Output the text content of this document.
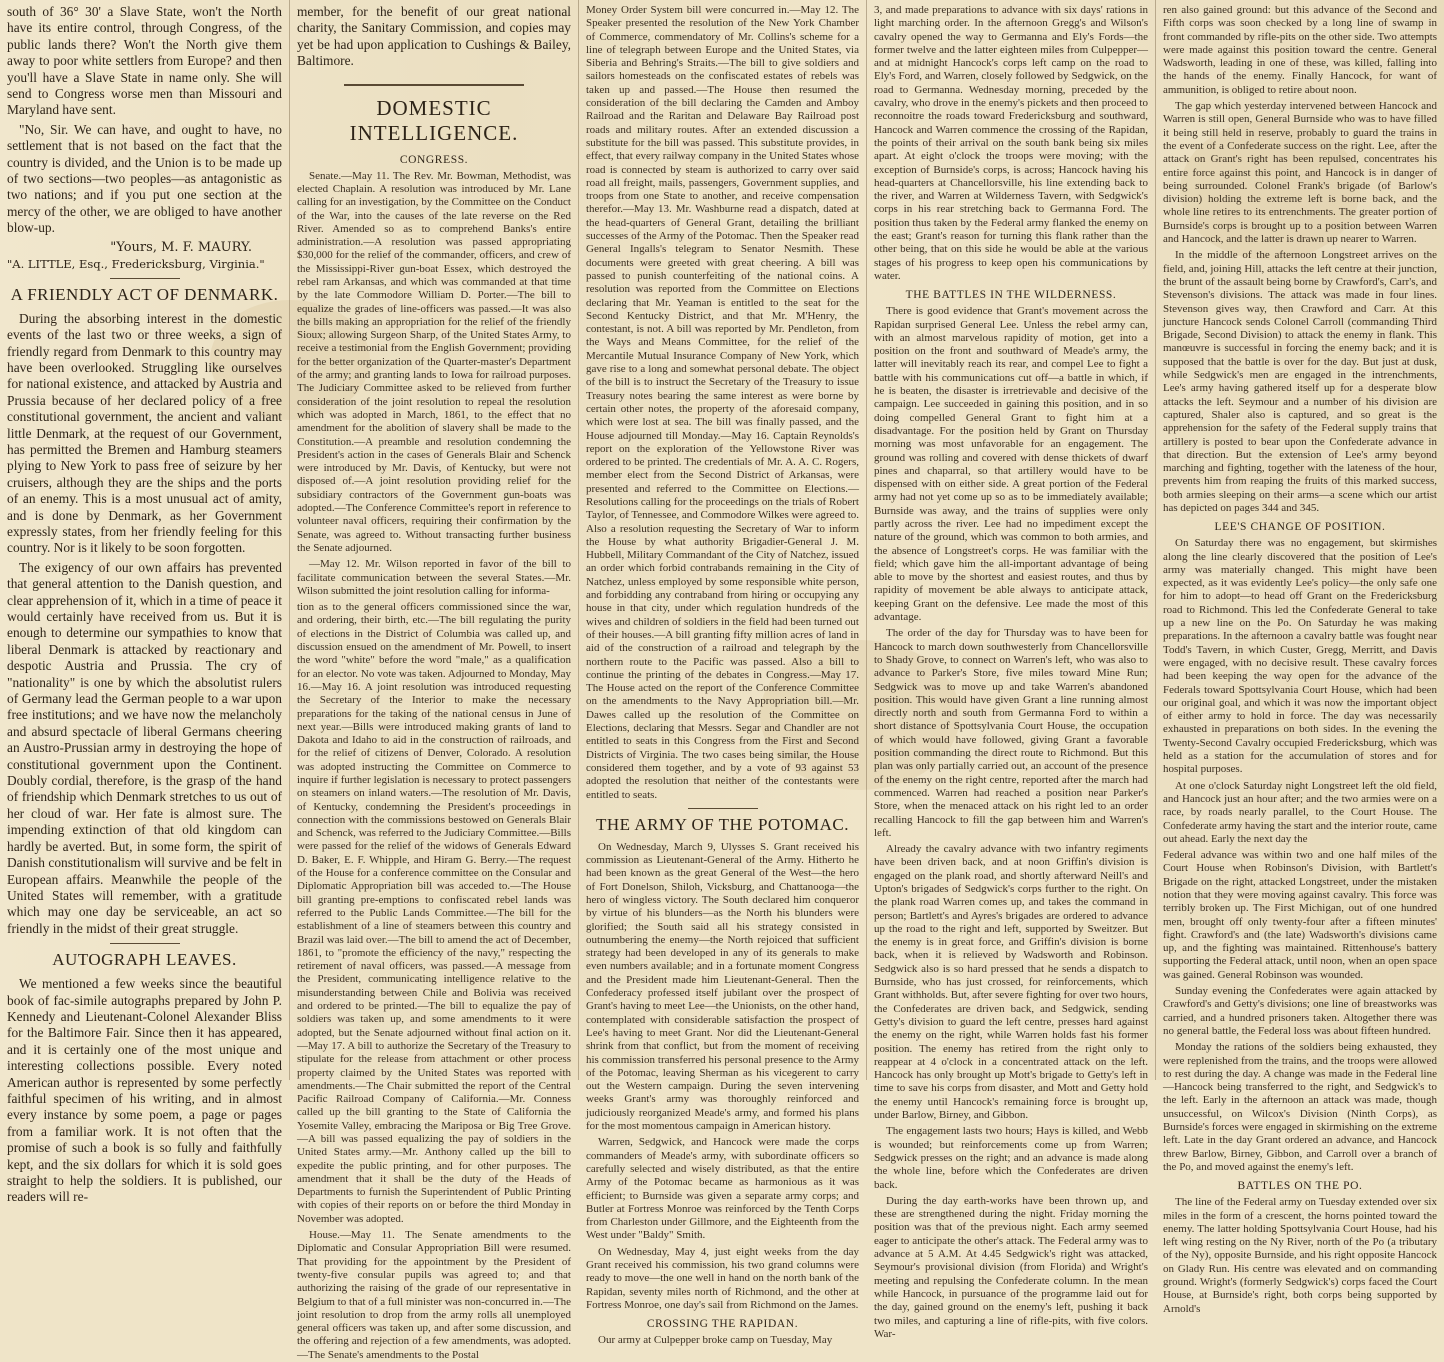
south of 36° 30' a Slave State, won't the North have its entire control, through Congress, of the public lands there? Won't the North give them away to poor white settlers from Europe? and then you'll have a Slave State in name only. She will send to Congress worse men than Missouri and Maryland have sent.

"No, Sir. We can have, and ought to have, no settlement that is not based on the fact that the country is divided, and the Union is to be made up of two sections—two peoples—as antagonistic as two nations; and if you put one section at the mercy of the other, we are obliged to have another blow-up.

"Yours, M. F. MAURY.
"A. LITTLE, Esq., Fredericksburg, Virginia."
A FRIENDLY ACT OF DENMARK.

During the absorbing interest in the domestic events of the last two or three weeks, a sign of friendly regard from Denmark to this country may have been overlooked. Struggling like ourselves for national existence, and attacked by Austria and Prussia because of her declared policy of a free constitutional government, the ancient and valiant little Denmark, at the request of our Government, has permitted the Bremen and Hamburg steamers plying to New York to pass free of seizure by her cruisers, although they are the ships and the ports of an enemy. This is a most unusual act of amity, and is done by Denmark, as her Government expressly states, from her friendly feeling for this country. Nor is it likely to be soon forgotten.

The exigency of our own affairs has prevented that general attention to the Danish question, and clear apprehension of it, which in a time of peace it would certainly have received from us. But it is enough to determine our sympathies to know that liberal Denmark is attacked by reactionary and despotic Austria and Prussia. The cry of "nationality" is one by which the absolutist rulers of Germany lead the German people to a war upon free institutions; and we have now the melancholy and absurd spectacle of liberal Germans cheering an Austro-Prussian army in destroying the hope of constitutional government upon the Continent. Doubly cordial, therefore, is the grasp of the hand of friendship which Denmark stretches to us out of her cloud of war. Her fate is almost sure. The impending extinction of that old kingdom can hardly be averted. But, in some form, the spirit of Danish constitutionalism will survive and be felt in European affairs. Meanwhile the people of the United States will remember, with a gratitude which may one day be serviceable, an act so friendly in the midst of their great struggle.

AUTOGRAPH LEAVES.

We mentioned a few weeks since the beautiful book of fac-simile autographs prepared by John P. Kennedy and Lieutenant-Colonel Alexander Bliss for the Baltimore Fair. Since then it has appeared, and it is certainly one of the most unique and interesting collections possible. Every noted American author is represented by some perfectly faithful specimen of his writing, and in almost every instance by some poem, a page or pages from a familiar work. It is not often that the promise of such a book is so fully and faithfully kept, and the six dollars for which it is sold goes straight to help the soldiers. It is published, our readers will re-

member, for the benefit of our great national charity, the Sanitary Commission, and copies may yet be had upon application to Cushings & Bailey, Baltimore.

DOMESTIC INTELLIGENCE.
CONGRESS.

Senate.—May 11. The Rev. Mr. Bowman, Methodist, was elected Chaplain. A resolution was introduced by Mr. Lane calling for an investigation, by the Committee on the Conduct of the War, into the causes of the late reverse on the Red River. Amended so as to comprehend Banks's entire administration.—A resolution was passed appropriating $30,000 for the relief of the commander, officers, and crew of the Mississippi-River gun-boat Essex, which destroyed the rebel ram Arkansas, and which was commanded at that time by the late Commodore William D. Porter.—The bill to equalize the grades of line-officers was passed.—It was also the bills making an appropriation for the relief of the friendly Sioux; allowing Surgeon Sharp, of the United States Army, to receive a testimonial from the English Government; providing for the better organization of the Quarter-master's Department of the army; and granting lands to Iowa for railroad purposes. The Judiciary Committee asked to be relieved from further consideration of the joint resolution to repeal the resolution which was adopted in March, 1861, to the effect that no amendment for the abolition of slavery shall be made to the Constitution.—A preamble and resolution condemning the President's action in the cases of Generals Blair and Schenck were introduced by Mr. Davis, of Kentucky, but were not disposed of.—A joint resolution providing relief for the subsidiary contractors of the Government gun-boats was adopted.—The Conference Committee's report in reference to volunteer naval officers, requiring their confirmation by the Senate, was agreed to. Without transacting further business the Senate adjourned.

—May 12. Mr. Wilson reported in favor of the bill to facilitate communication between the several States.—Mr. Wilson submitted the joint resolution calling for informa-

tion as to the general officers commissioned since the war, and ordering, their birth, etc.—The bill regulating the purity of elections in the District of Columbia was called up, and discussion ensued on the amendment of Mr. Powell, to insert the word "white" before the word "male," as a qualification for an elector. No vote was taken. Adjourned to Monday, May 16.—May 16. A joint resolution was introduced requesting the Secretary of the Interior to make the necessary preparations for the taking of the national census in June of next year.—Bills were introduced making grants of land to Dakota and Idaho to aid in the construction of railroads, and for the relief of citizens of Denver, Colorado. A resolution was adopted instructing the Committee on Commerce to inquire if further legislation is necessary to protect passengers on steamers on inland waters.—The resolution of Mr. Davis, of Kentucky, condemning the President's proceedings in connection with the commissions bestowed on Generals Blair and Schenck, was referred to the Judiciary Committee.—Bills were passed for the relief of the widows of Generals Edward D. Baker, E. F. Whipple, and Hiram G. Berry.—The request of the House for a conference committee on the Consular and Diplomatic Appropriation bill was acceded to.—The House bill granting pre-emptions to confiscated rebel lands was referred to the Public Lands Committee.—The bill for the establishment of a line of steamers between this country and Brazil was laid over.—The bill to amend the act of December, 1861, to "promote the efficiency of the navy," respecting the retirement of naval officers, was passed.—A message from the President, communicating intelligence relative to the misunderstanding between Chile and Bolivia was received and ordered to be printed.—The bill to equalize the pay of soldiers was taken up, and some amendments to it were adopted, but the Senate adjourned without final action on it.—May 17. A bill to authorize the Secretary of the Treasury to stipulate for the release from attachment or other process property claimed by the United States was reported with amendments.—The Chair submitted the report of the Central Pacific Railroad Company of California.—Mr. Conness called up the bill granting to the State of California the Yosemite Valley, embracing the Mariposa or Big Tree Grove.—A bill was passed equalizing the pay of soldiers in the United States army.—Mr. Anthony called up the bill to expedite the public printing, and for other purposes. The amendment that it shall be the duty of the Heads of Departments to furnish the Superintendent of Public Printing with copies of their reports on or before the third Monday in November was adopted.

House.—May 11. The Senate amendments to the Diplomatic and Consular Appropriation Bill were resumed. That providing for the appointment by the President of twenty-five consular pupils was agreed to; and that authorizing the raising of the grade of our representative in Belgium to that of a full minister was non-concurred in.—The joint resolution to drop from the army rolls all unemployed general officers was taken up, and after some discussion, and the offering and rejection of a few amendments, was adopted.—The Senate's amendments to the Postal

Money Order System bill were concurred in.—May 12. The Speaker presented the resolution of the New York Chamber of Commerce, commendatory of Mr. Collins's scheme for a line of telegraph between Europe and the United States, via Siberia and Behring's Straits.—The bill to give soldiers and sailors homesteads on the confiscated estates of rebels was taken up and passed.—The House then resumed the consideration of the bill declaring the Camden and Amboy Railroad and the Raritan and Delaware Bay Railroad post roads and military routes. After an extended discussion a substitute for the bill was passed. This substitute provides, in effect, that every railway company in the United States whose road is connected by steam is authorized to carry over said road all freight, mails, passengers, Government supplies, and troops from one State to another, and receive compensation therefor.—May 13. Mr. Washburne read a dispatch, dated at the head-quarters of General Grant, detailing the brilliant successes of the Army of the Potomac. Then the Speaker read General Ingalls's telegram to Senator Nesmith. These documents were greeted with great cheering. A bill was passed to punish counterfeiting of the national coins. A resolution was reported from the Committee on Elections declaring that Mr. Yeaman is entitled to the seat for the Second Kentucky District, and that Mr. M'Henry, the contestant, is not. A bill was reported by Mr. Pendleton, from the Ways and Means Committee, for the relief of the Mercantile Mutual Insurance Company of New York, which gave rise to a long and somewhat personal debate. The object of the bill is to instruct the Secretary of the Treasury to issue Treasury notes bearing the same interest as were borne by certain other notes, the property of the aforesaid company, which were lost at sea. The bill was finally passed, and the House adjourned till Monday.—May 16. Captain Reynolds's report on the exploration of the Yellowstone River was ordered to be printed. The credentials of Mr. A. A. C. Rogers, member elect from the Second District of Arkansas, were presented and referred to the Committee on Elections.—Resolutions calling for the proceedings on the trials of Robert Taylor, of Tennessee, and Commodore Wilkes were agreed to. Also a resolution requesting the Secretary of War to inform the House by what authority Brigadier-General J. M. Hubbell, Military Commandant of the City of Natchez, issued an order which forbid contrabands remaining in the City of Natchez, unless employed by some responsible white person, and forbidding any contraband from hiring or occupying any house in that city, under which regulation hundreds of the wives and children of soldiers in the field had been turned out of their houses.—A bill granting fifty million acres of land in aid of the construction of a railroad and telegraph by the northern route to the Pacific was passed. Also a bill to continue the printing of the debates in Congress.—May 17. The House acted on the report of the Conference Committee on the amendments to the Navy Appropriation bill.—Mr. Dawes called up the resolution of the Committee on Elections, declaring that Messrs. Segar and Chandler are not entitled to seats in this Congress from the First and Second Districts of Virginia. The two cases being similar, the House considered them together, and by a vote of 93 against 53 adopted the resolution that neither of the contestants were entitled to seats.

THE ARMY OF THE POTOMAC.

On Wednesday, March 9, Ulysses S. Grant received his commission as Lieutenant-General of the Army. Hitherto he had been known as the great General of the West—the hero of Fort Donelson, Shiloh, Vicksburg, and Chattanooga—the hero of wingless victory. The South declared him conqueror by virtue of his blunders—as the North his blunders were glorified; the South said all his strategy consisted in outnumbering the enemy—the North rejoiced that sufficient strategy had been developed in any of its generals to make even numbers available; and in a fortunate moment Congress and the President made him Lieutenant-General. Then the Confederacy professed itself jubilant over the prospect of Grant's having to meet Lee—the Unionists, on the other hand, contemplated with considerable satisfaction the prospect of Lee's having to meet Grant. Nor did the Lieutenant-General shrink from that conflict, but from the moment of receiving his commission transferred his personal presence to the Army of the Potomac, leaving Sherman as his vicegerent to carry out the Western campaign. During the seven intervening weeks Grant's army was thoroughly reinforced and judiciously reorganized Meade's army, and formed his plans for the most momentous campaign in American history.

Warren, Sedgwick, and Hancock were made the corps commanders of Meade's army, with subordinate officers so carefully selected and wisely distributed, as that the entire Army of the Potomac became as harmonious as it was efficient; to Burnside was given a separate army corps; and Butler at Fortress Monroe was reinforced by the Tenth Corps from Charleston under Gillmore, and the Eighteenth from the West under "Baldy" Smith.

On Wednesday, May 4, just eight weeks from the day Grant received his commission, his two grand columns were ready to move—the one well in hand on the north bank of the Rapidan, seventy miles north of Richmond, and the other at Fortress Monroe, one day's sail from Richmond on the James.

CROSSING THE RAPIDAN.

Our army at Culpepper broke camp on Tuesday, May

3, and made preparations to advance with six days' rations in light marching order. In the afternoon Gregg's and Wilson's cavalry opened the way to Germanna and Ely's Fords—the former twelve and the latter eighteen miles from Culpepper—and at midnight Hancock's corps left camp on the road to Ely's Ford, and Warren, closely followed by Sedgwick, on the road to Germanna. Wednesday morning, preceded by the cavalry, who drove in the enemy's pickets and then proceed to reconnoitre the roads toward Fredericksburg and southward, Hancock and Warren commence the crossing of the Rapidan, the points of their arrival on the south bank being six miles apart. At eight o'clock the troops were moving; with the exception of Burnside's corps, is across; Hancock having his head-quarters at Chancellorsville, his line extending back to the river, and Warren at Wilderness Tavern, with Sedgwick's corps in his rear stretching back to Germanna Ford. The position thus taken by the Federal army flanked the enemy on the east; Grant's reason for turning this flank rather than the other being, that on this side he would be able at the various stages of his progress to keep open his communications by water.

THE BATTLES IN THE WILDERNESS.

There is good evidence that Grant's movement across the Rapidan surprised General Lee. Unless the rebel army can, with an almost marvelous rapidity of motion, get into a position on the front and southward of Meade's army, the latter will inevitably reach its rear, and compel Lee to fight a battle with his communications cut off—a battle in which, if he is beaten, the disaster is irretrievable and decisive of the campaign. Lee succeeded in gaining this position, and in so doing compelled General Grant to fight him at a disadvantage. For the position held by Grant on Thursday morning was most unfavorable for an engagement. The ground was rolling and covered with dense thickets of dwarf pines and chaparral, so that artillery would have to be dispensed with on either side. A great portion of the Federal army had not yet come up so as to be immediately available; Burnside was away, and the trains of supplies were only partly across the river. Lee had no impediment except the nature of the ground, which was common to both armies, and the absence of Longstreet's corps. He was familiar with the field; which gave him the all-important advantage of being able to move by the shortest and easiest routes, and thus by rapidity of movement be able always to anticipate attack, keeping Grant on the defensive. Lee made the most of this advantage.

The order of the day for Thursday was to have been for Hancock to march down southwesterly from Chancellorsville to Shady Grove, to connect on Warren's left, who was also to advance to Parker's Store, five miles toward Mine Run; Sedgwick was to move up and take Warren's abandoned position. This would have given Grant a line running almost directly north and south from Germanna Ford to within a short distance of Spottsylvania Court House, the occupation of which would have followed, giving Grant a favorable position commanding the direct route to Richmond. But this plan was only partially carried out, an account of the presence of the enemy on the right centre, reported after the march had commenced. Warren had reached a position near Parker's Store, when the menaced attack on his right led to an order recalling Hancock to fill the gap between him and Warren's left.

Already the cavalry advance with two infantry regiments have been driven back, and at noon Griffin's division is engaged on the plank road, and shortly afterward Neill's and Upton's brigades of Sedgwick's corps further to the right. On the plank road Warren comes up, and takes the command in person; Bartlett's and Ayres's brigades are ordered to advance up the road to the right and left, supported by Sweitzer. But the enemy is in great force, and Griffin's division is borne back, when it is relieved by Wadsworth and Robinson. Sedgwick also is so hard pressed that he sends a dispatch to Burnside, who has just crossed, for reinforcements, which Grant withholds. But, after severe fighting for over two hours, the Confederates are driven back, and Sedgwick, sending Getty's division to guard the left centre, presses hard against the enemy on the right, while Warren holds fast his former position. The enemy has retired from the right only to reappear at 4 o'clock in a concentrated attack on the left. Hancock has only brought up Mott's brigade to Getty's left in time to save his corps from disaster, and Mott and Getty hold the enemy until Hancock's remaining force is brought up, under Barlow, Birney, and Gibbon.

The engagement lasts two hours; Hays is killed, and Webb is wounded; but reinforcements come up from Warren; Sedgwick presses on the right; and an advance is made along the whole line, before which the Confederates are driven back.

During the day earth-works have been thrown up, and these are strengthened during the night. Friday morning the position was that of the previous night. Each army seemed eager to anticipate the other's attack. The Federal army was to advance at 5 A.M. At 4.45 Sedgwick's right was attacked, Seymour's provisional division (from Florida) and Wright's meeting and repulsing the Confederate column. In the mean while Hancock, in pursuance of the programme laid out for the day, gained ground on the enemy's left, pushing it back two miles, and capturing a line of rifle-pits, with five colors. War-

ren also gained ground: but this advance of the Second and Fifth corps was soon checked by a long line of swamp in front commanded by rifle-pits on the other side. Two attempts were made against this position toward the centre. General Wadsworth, leading in one of these, was killed, falling into the hands of the enemy. Finally Hancock, for want of ammunition, is obliged to retire about noon.

The gap which yesterday intervened between Hancock and Warren is still open, General Burnside who was to have filled it being still held in reserve, probably to guard the trains in the event of a Confederate success on the right. Lee, after the attack on Grant's right has been repulsed, concentrates his entire force against this point, and Hancock is in danger of being surrounded. Colonel Frank's brigade (of Barlow's division) holding the extreme left is borne back, and the whole line retires to its entrenchments. The greater portion of Burnside's corps is brought up to a position between Warren and Hancock, and the latter is drawn up nearer to Warren.

In the middle of the afternoon Longstreet arrives on the field, and, joining Hill, attacks the left centre at their junction, the brunt of the assault being borne by Crawford's, Carr's, and Stevenson's divisions. The attack was made in four lines. Stevenson gives way, then Crawford and Carr. At this juncture Hancock sends Colonel Carroll (commanding Third Brigade, Second Division) to attack the enemy in flank. This manœuvre is successful in forcing the enemy back; and it is supposed that the battle is over for the day. But just at dusk, while Sedgwick's men are engaged in the intrenchments, Lee's army having gathered itself up for a desperate blow attacks the left. Seymour and a number of his division are captured, Shaler also is captured, and so great is the apprehension for the safety of the Federal supply trains that artillery is posted to bear upon the Confederate advance in that direction. But the extension of Lee's army beyond marching and fighting, together with the lateness of the hour, prevents him from reaping the fruits of this marked success, both armies sleeping on their arms—a scene which our artist has depicted on pages 344 and 345.

LEE'S CHANGE OF POSITION.

On Saturday there was no engagement, but skirmishes along the line clearly discovered that the position of Lee's army was materially changed. This might have been expected, as it was evidently Lee's policy—the only safe one for him to adopt—to head off Grant on the Fredericksburg road to Richmond. This led the Confederate General to take up a new line on the Po. On Saturday he was making preparations. In the afternoon a cavalry battle was fought near Todd's Tavern, in which Custer, Gregg, Merritt, and Davis were engaged, with no decisive result. These cavalry forces had been keeping the way open for the advance of the Federals toward Spottsylvania Court House, which had been our original goal, and which it was now the important object of either army to hold in force. The day was necessarily exhausted in preparations on both sides. In the evening the Twenty-Second Cavalry occupied Fredericksburg, which was held as a station for the accumulation of stores and for hospital purposes.

At one o'clock Saturday night Longstreet left the old field, and Hancock just an hour after; and the two armies were on a race, by roads nearly parallel, to the Court House. The Confederate army having the start and the interior route, came out ahead. Early the next day the

Federal advance was within two and one half miles of the Court House when Robinson's Division, with Bartlett's Brigade on the right, attacked Longstreet, under the mistaken notion that they were moving against cavalry. This force was terribly broken up. The First Michigan, out of one hundred men, brought off only twenty-four after a fifteen minutes' fight. Crawford's and (the late) Wadsworth's divisions came up, and the fighting was maintained. Rittenhouse's battery supporting the Federal attack, until noon, when an open space was gained. General Robinson was wounded.

Sunday evening the Confederates were again attacked by Crawford's and Getty's divisions; one line of breastworks was carried, and a hundred prisoners taken. Altogether there was no general battle, the Federal loss was about fifteen hundred.

Monday the rations of the soldiers being exhausted, they were replenished from the trains, and the troops were allowed to rest during the day. A change was made in the Federal line—Hancock being transferred to the right, and Sedgwick's to the left. Early in the afternoon an attack was made, though unsuccessful, on Wilcox's Division (Ninth Corps), as Burnside's forces were engaged in skirmishing on the extreme left. Late in the day Grant ordered an advance, and Hancock threw Barlow, Birney, Gibbon, and Carroll over a branch of the Po, and moved against the enemy's left.

BATTLES ON THE PO.

The line of the Federal army on Tuesday extended over six miles in the form of a crescent, the horns pointed toward the enemy. The latter holding Spottsylvania Court House, had his left wing resting on the Ny River, north of the Po (a tributary of the Ny), opposite Burnside, and his right opposite Hancock on Glady Run. His centre was elevated and on commanding ground. Wright's (formerly Sedgwick's) corps faced the Court House, at Burnside's right, both corps being supported by Arnold's
